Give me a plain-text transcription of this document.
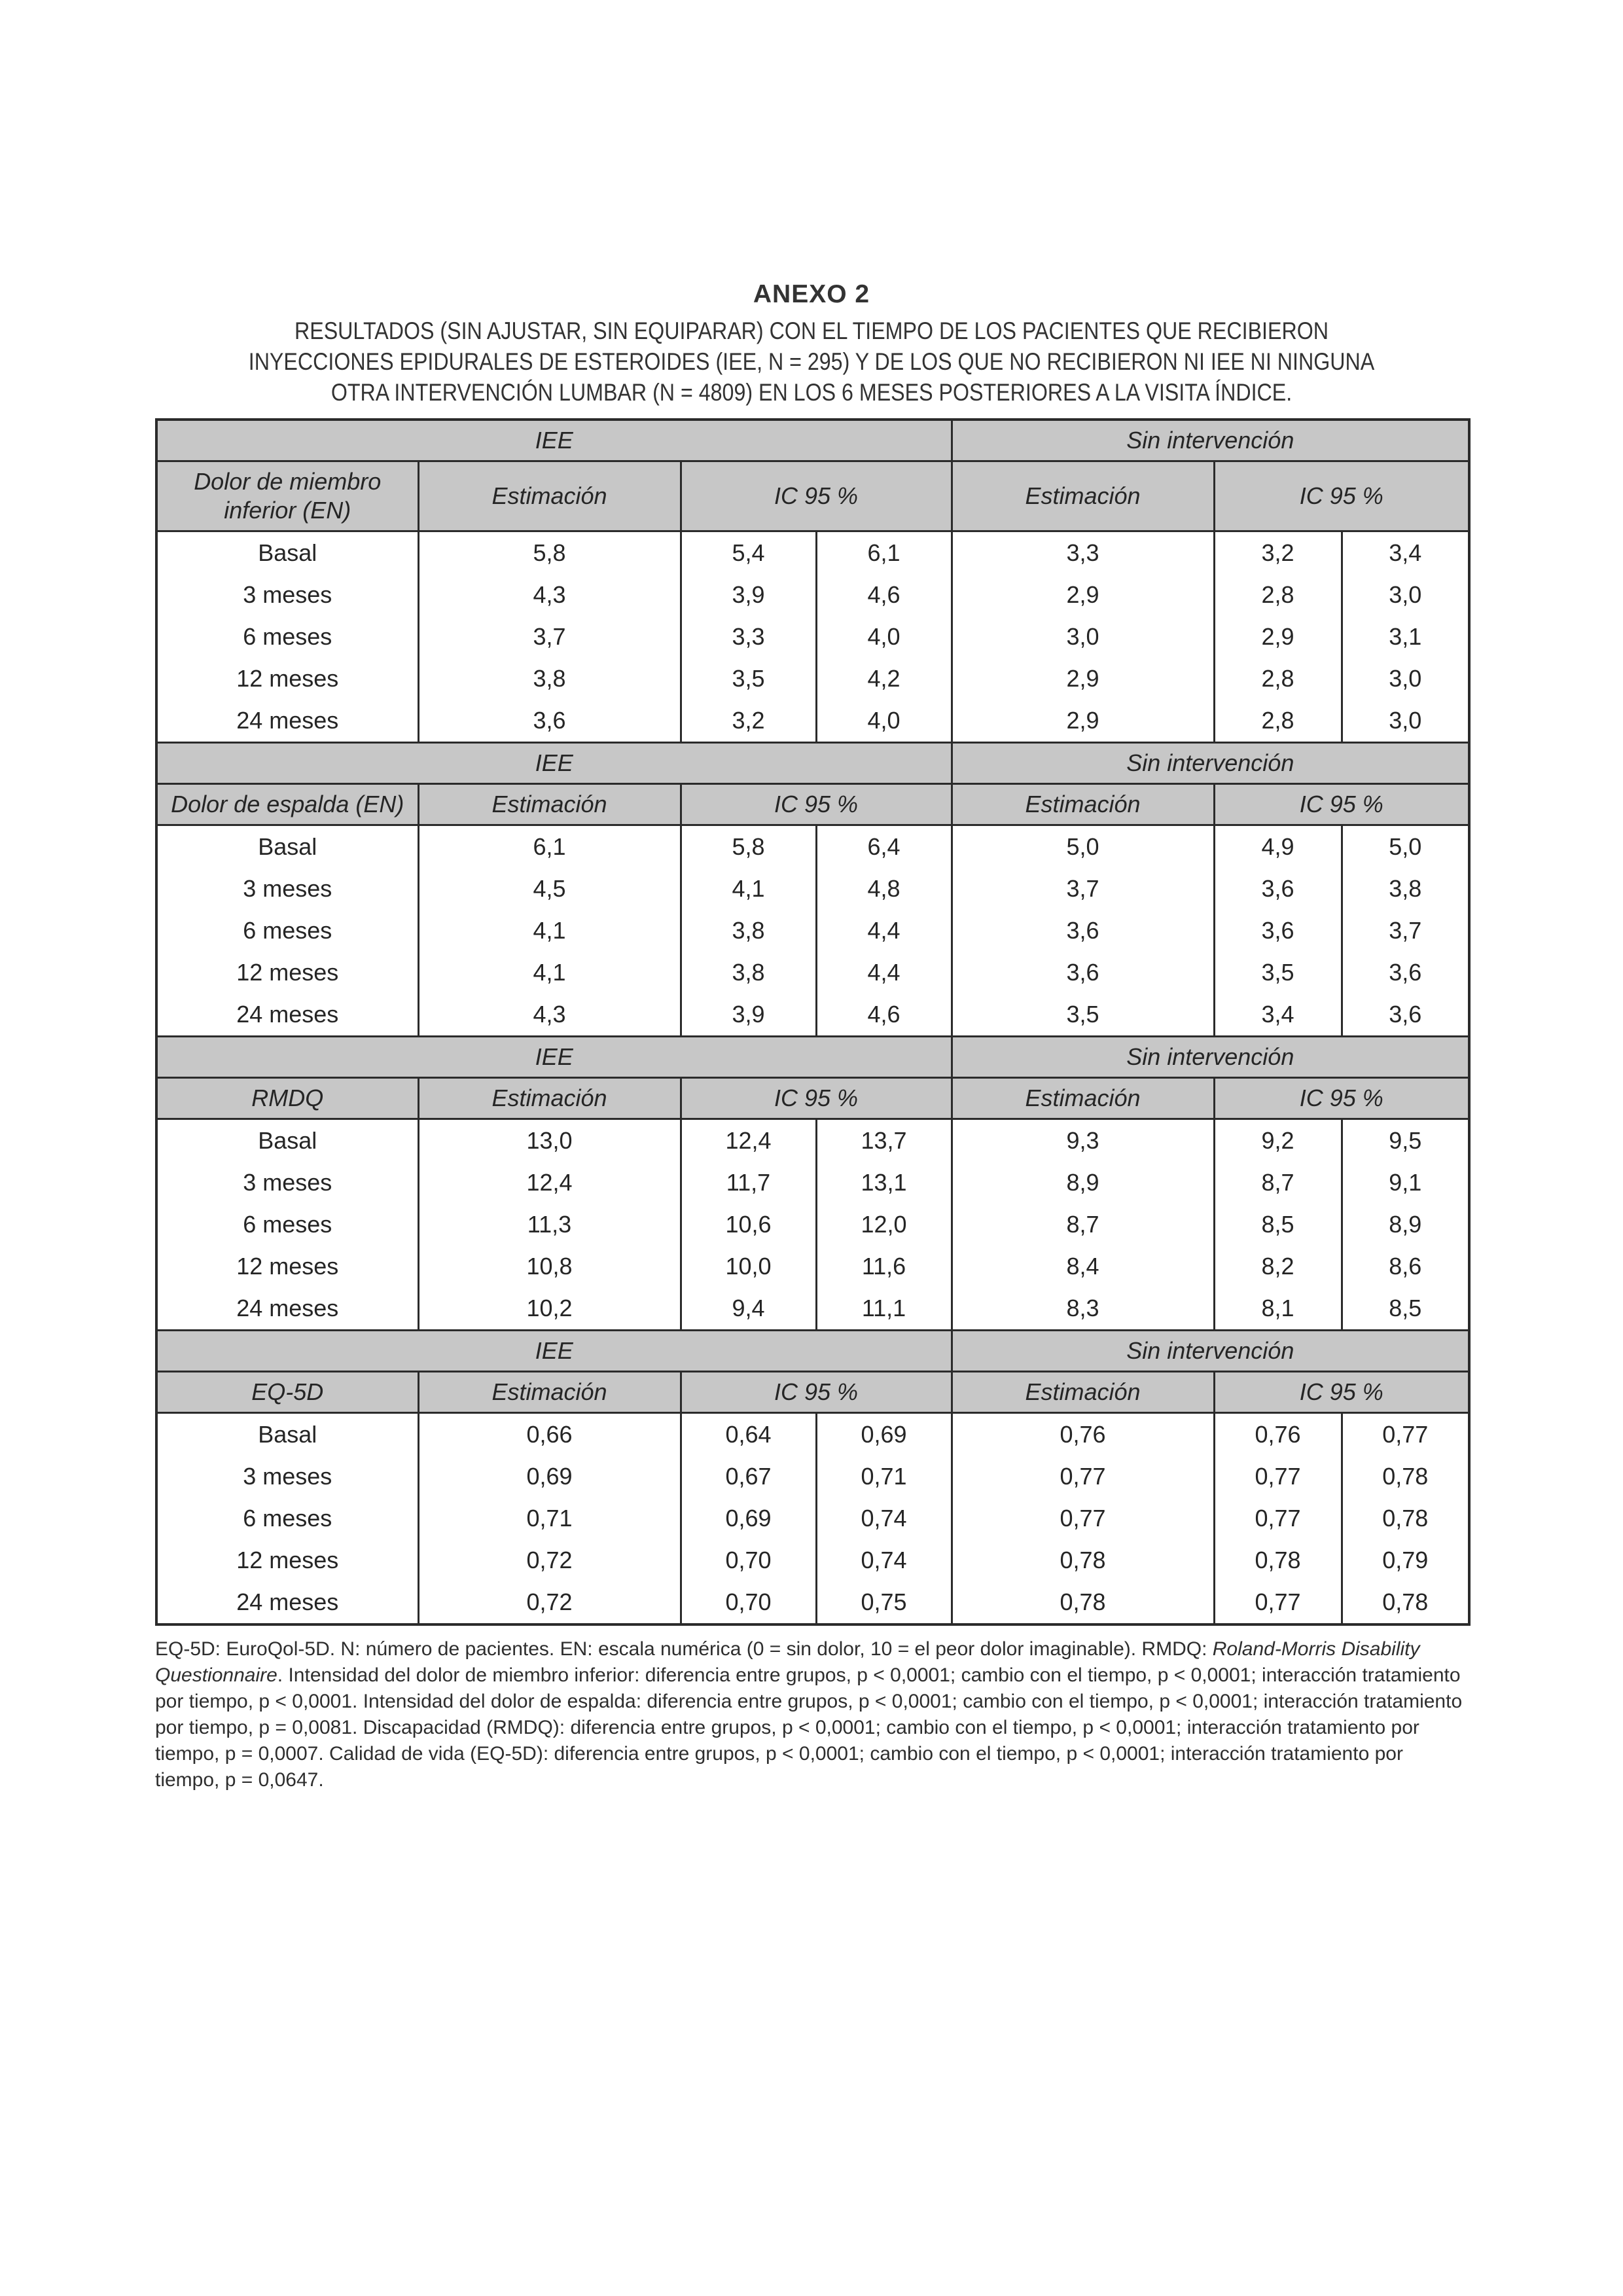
ANEXO 2
RESULTADOS (SIN AJUSTAR, SIN EQUIPARAR) CON EL TIEMPO DE LOS PACIENTES QUE RECIBIERON
INYECCIONES EPIDURALES DE ESTEROIDES (IEE, N = 295) Y DE LOS QUE NO RECIBIERON NI IEE NI NINGUNA
OTRA INTERVENCIÓN LUMBAR (N = 4809) EN LOS 6 MESES POSTERIORES A LA VISITA ÍNDICE.
IEE				Sin intervención		
Dolor de miembro inferior (EN)	Estimación	IC 95 %		Estimación	IC 95 %	
Basal	5,8	5,4	6,1	3,3	3,2	3,4
3 meses	4,3	3,9	4,6	2,9	2,8	3,0
6 meses	3,7	3,3	4,0	3,0	2,9	3,1
12 meses	3,8	3,5	4,2	2,9	2,8	3,0
24 meses	3,6	3,2	4,0	2,9	2,8	3,0
IEE				Sin intervención		
Dolor de espalda (EN)	Estimación	IC 95 %		Estimación	IC 95 %	
Basal	6,1	5,8	6,4	5,0	4,9	5,0
3 meses	4,5	4,1	4,8	3,7	3,6	3,8
6 meses	4,1	3,8	4,4	3,6	3,6	3,7
12 meses	4,1	3,8	4,4	3,6	3,5	3,6
24 meses	4,3	3,9	4,6	3,5	3,4	3,6
IEE				Sin intervención		
RMDQ	Estimación	IC 95 %		Estimación	IC 95 %	
Basal	13,0	12,4	13,7	9,3	9,2	9,5
3 meses	12,4	11,7	13,1	8,9	8,7	9,1
6 meses	11,3	10,6	12,0	8,7	8,5	8,9
12 meses	10,8	10,0	11,6	8,4	8,2	8,6
24 meses	10,2	9,4	11,1	8,3	8,1	8,5
IEE				Sin intervención		
EQ-5D	Estimación	IC 95 %		Estimación	IC 95 %	
Basal	0,66	0,64	0,69	0,76	0,76	0,77
3 meses	0,69	0,67	0,71	0,77	0,77	0,78
6 meses	0,71	0,69	0,74	0,77	0,77	0,78
12 meses	0,72	0,70	0,74	0,78	0,78	0,79
24 meses	0,72	0,70	0,75	0,78	0,77	0,78
EQ-5D: EuroQol-5D. N: número de pacientes. EN: escala numérica (0 = sin dolor, 10 = el peor dolor imaginable). RMDQ: Roland-Morris Disability Questionnaire. Intensidad del dolor de miembro inferior: diferencia entre grupos, p < 0,0001; cambio con el tiempo, p < 0,0001; interacción tratamiento por tiempo, p < 0,0001. Intensidad del dolor de espalda: diferencia entre grupos, p < 0,0001; cambio con el tiempo, p < 0,0001; interacción tratamiento por tiempo, p = 0,0081. Discapacidad (RMDQ): diferencia entre grupos, p < 0,0001; cambio con el tiempo, p < 0,0001; interacción tratamiento por tiempo, p = 0,0007. Calidad de vida (EQ-5D): diferencia entre grupos, p < 0,0001; cambio con el tiempo, p < 0,0001; interacción tratamiento por tiempo, p = 0,0647.
